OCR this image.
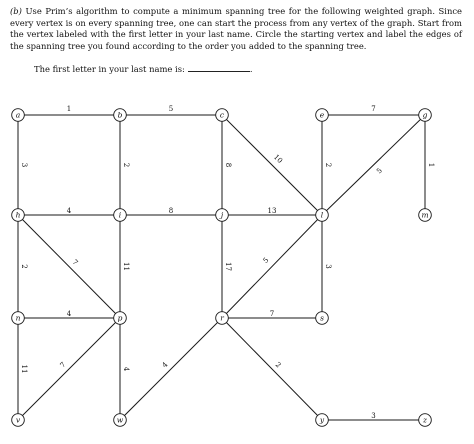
(b) Use Prim’s algorithm to compute a minimum spanning tree for the following weighted graph. Since every vertex is on every spanning tree, one can start the process from any vertex of the graph. Start from the vertex labeled with the first letter in your last name. Circle the starting vertex and label the edges of the spanning tree you found according to the order you added to the spanning tree.
The first letter in your last name is:	.
1	5	7
3	2	8
10
2
5
1
4	8	13
2	7	11	17
5
3
4	7
11	7	4	4	2
3
a	b	c	e	g
h	i	j	l	m
n	p	r	s
v	w	y	z
